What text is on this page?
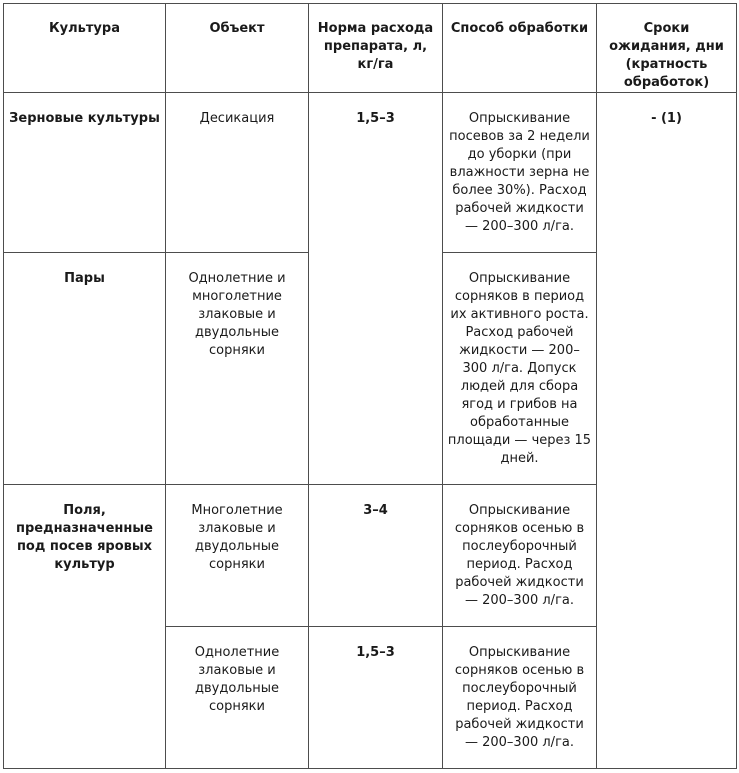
Культура	Объект	Норма расхода препарата, л, кг/га	Способ обработки	Сроки ожидания, дни (кратность обработок)
Зерновые культуры	Десикация	1,5–3	Опрыскивание посевов за 2 недели до уборки (при влажности зерна не более 30%). Расход рабочей жидкости — 200–300 л/га.	- (1)
Пары	Однолетние и многолетние злаковые и двудольные сорняки		Опрыскивание сорняков в период их активного роста. Расход рабочей жидкости — 200–300 л/га. Допуск людей для сбора ягод и грибов на обработанные площади — через 15 дней.	
Поля, предназначенные под посев яровых культур	Многолетние злаковые и двудольные сорняки	3–4	Опрыскивание сорняков осенью в послеуборочный период. Расход рабочей жидкости — 200–300 л/га.	
	Однолетние злаковые и двудольные сорняки	1,5–3	Опрыскивание сорняков осенью в послеуборочный период. Расход рабочей жидкости — 200–300 л/га.	
